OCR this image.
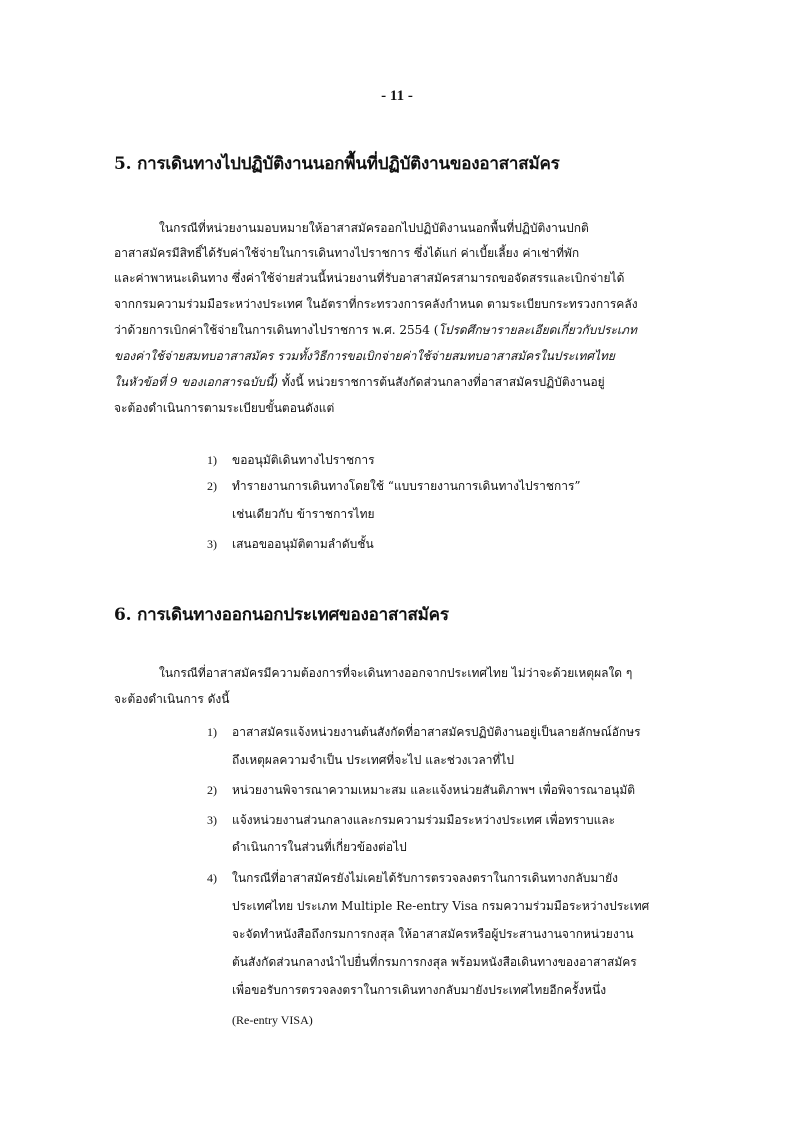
- 11 -
5. การเดินทางไปปฏิบัติงานนอกพื้นที่ปฏิบัติงานของอาสาสมัคร
ในกรณีที่หน่วยงานมอบหมายให้อาสาสมัครออกไปปฏิบัติงานนอกพื้นที่ปฏิบัติงานปกติ
อาสาสมัครมีสิทธิ์ได้รับค่าใช้จ่ายในการเดินทางไปราชการ ซึ่งได้แก่ ค่าเบี้ยเลี้ยง ค่าเช่าที่พัก
และค่าพาหนะเดินทาง ซึ่งค่าใช้จ่ายส่วนนี้หน่วยงานที่รับอาสาสมัครสามารถขอจัดสรรและเบิกจ่ายได้
จากกรมความร่วมมือระหว่างประเทศ ในอัตราที่กระทรวงการคลังกำหนด ตามระเบียบกระทรวงการคลัง
ว่าด้วยการเบิกค่าใช้จ่ายในการเดินทางไปราชการ พ.ศ. 2554 (โปรดศึกษารายละเอียดเกี่ยวกับประเภท
ของค่าใช้จ่ายสมทบอาสาสมัคร รวมทั้งวิธีการขอเบิกจ่ายค่าใช้จ่ายสมทบอาสาสมัครในประเทศไทย
ในหัวข้อที่ 9 ของเอกสารฉบับนี้) ทั้งนี้ หน่วยราชการต้นสังกัดส่วนกลางที่อาสาสมัครปฏิบัติงานอยู่
จะต้องดำเนินการตามระเบียบขั้นตอนดังแต่
1) ขออนุมัติเดินทางไปราชการ
2) ทำรายงานการเดินทางโดยใช้ “แบบรายงานการเดินทางไปราชการ”
เช่นเดียวกับ ข้าราชการไทย
3) เสนอขออนุมัติตามลำดับชั้น
6. การเดินทางออกนอกประเทศของอาสาสมัคร
ในกรณีที่อาสาสมัครมีความต้องการที่จะเดินทางออกจากประเทศไทย ไม่ว่าจะด้วยเหตุผลใด ๆ
จะต้องดำเนินการ ดังนี้
1) อาสาสมัครแจ้งหน่วยงานต้นสังกัดที่อาสาสมัครปฏิบัติงานอยู่เป็นลายลักษณ์อักษร
ถึงเหตุผลความจำเป็น ประเทศที่จะไป และช่วงเวลาที่ไป
2) หน่วยงานพิจารณาความเหมาะสม และแจ้งหน่วยสันติภาพฯ เพื่อพิจารณาอนุมัติ
3) แจ้งหน่วยงานส่วนกลางและกรมความร่วมมือระหว่างประเทศ เพื่อทราบและ
ดำเนินการในส่วนที่เกี่ยวข้องต่อไป
4) ในกรณีที่อาสาสมัครยังไม่เคยได้รับการตรวจลงตราในการเดินทางกลับมายัง
ประเทศไทย ประเภท Multiple Re-entry Visa กรมความร่วมมือระหว่างประเทศ
จะจัดทำหนังสือถึงกรมการกงสุล ให้อาสาสมัครหรือผู้ประสานงานจากหน่วยงาน
ต้นสังกัดส่วนกลางนำไปยื่นที่กรมการกงสุล พร้อมหนังสือเดินทางของอาสาสมัคร
เพื่อขอรับการตรวจลงตราในการเดินทางกลับมายังประเทศไทยอีกครั้งหนึ่ง
(Re-entry VISA)
